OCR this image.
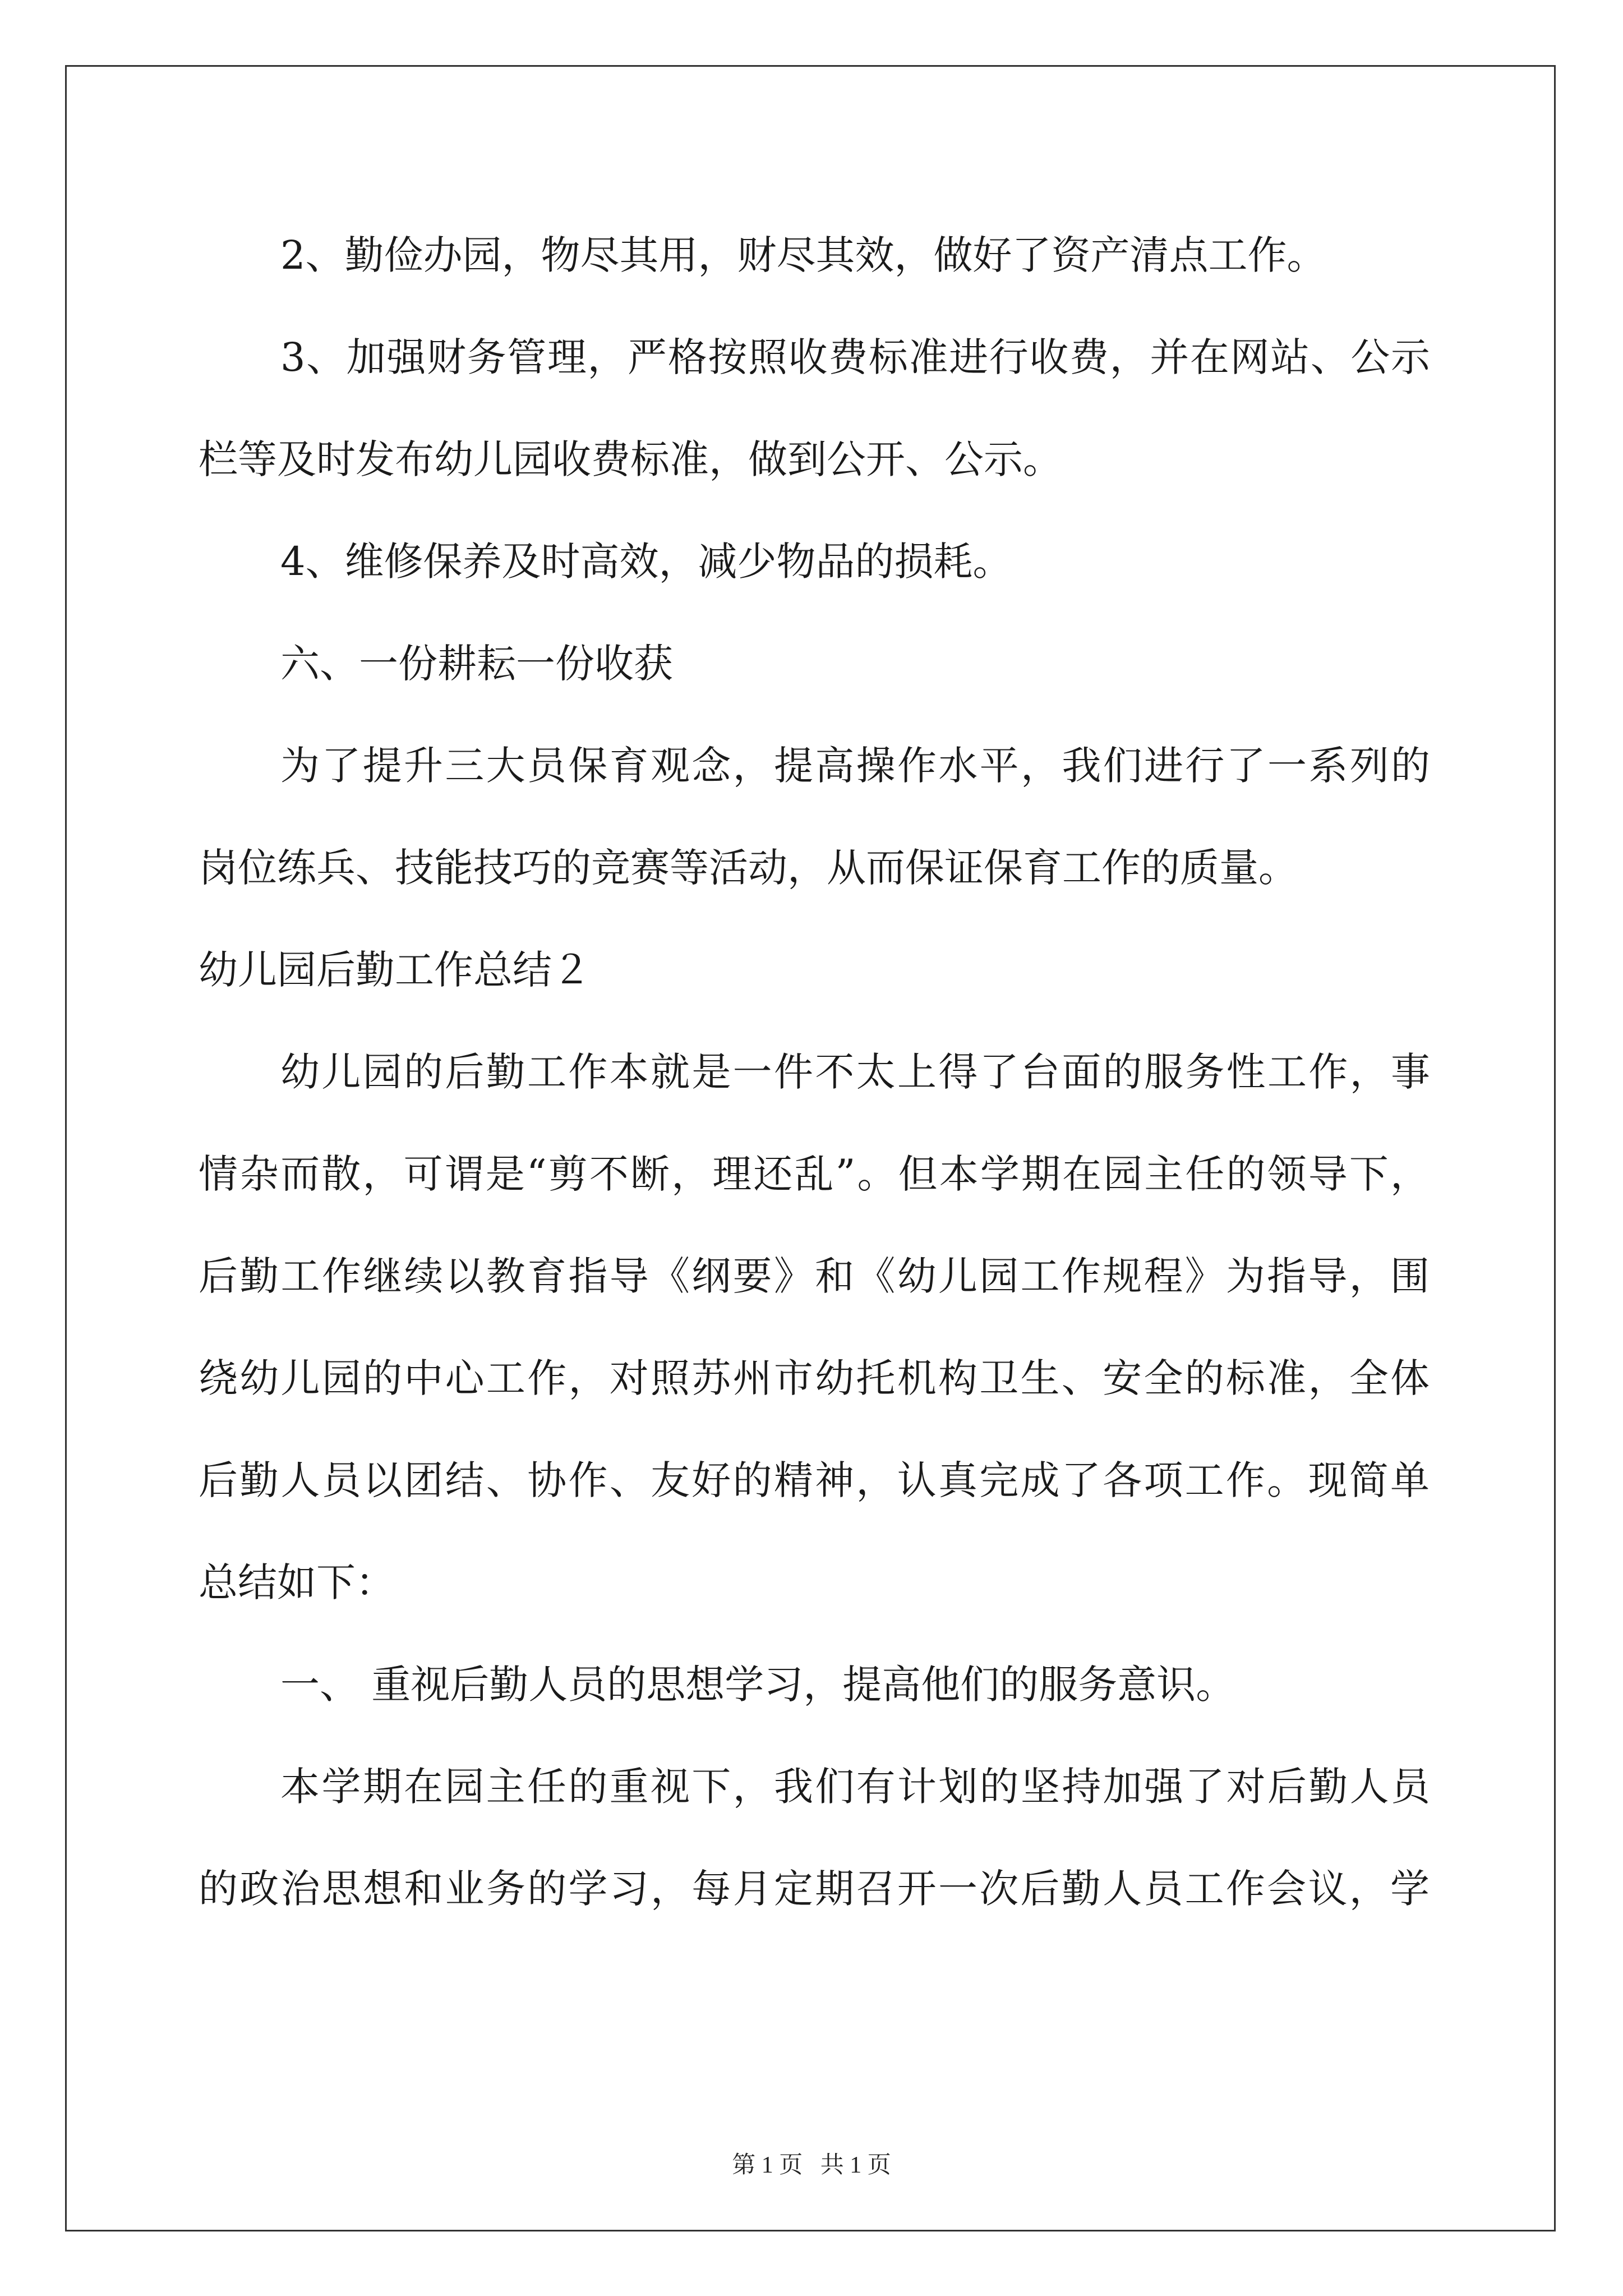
2、勤俭办园，物尽其用，财尽其效，做好了资产清点工作。
3、加强财务管理，严格按照收费标准进行收费，并在网站、公示
栏等及时发布幼儿园收费标准，做到公开、公示。
4、维修保养及时高效，减少物品的损耗。
六、一份耕耘一份收获
为了提升三大员保育观念，提高操作水平，我们进行了一系列的
岗位练兵、技能技巧的竞赛等活动，从而保证保育工作的质量。
幼儿园后勤工作总结２
幼儿园的后勤工作本就是一件不太上得了台面的服务性工作，事
情杂而散，可谓是“剪不断，理还乱”。但本学期在园主任的领导下，
后勤工作继续以教育指导《纲要》和《幼儿园工作规程》为指导，围
绕幼儿园的中心工作，对照苏州市幼托机构卫生、安全的标准，全体
后勤人员以团结、协作、友好的精神，认真完成了各项工作。现简单
总结如下：
一、 重视后勤人员的思想学习，提高他们的服务意识。
本学期在园主任的重视下，我们有计划的坚持加强了对后勤人员
的政治思想和业务的学习，每月定期召开一次后勤人员工作会议，学
第 1 页   共 1 页
